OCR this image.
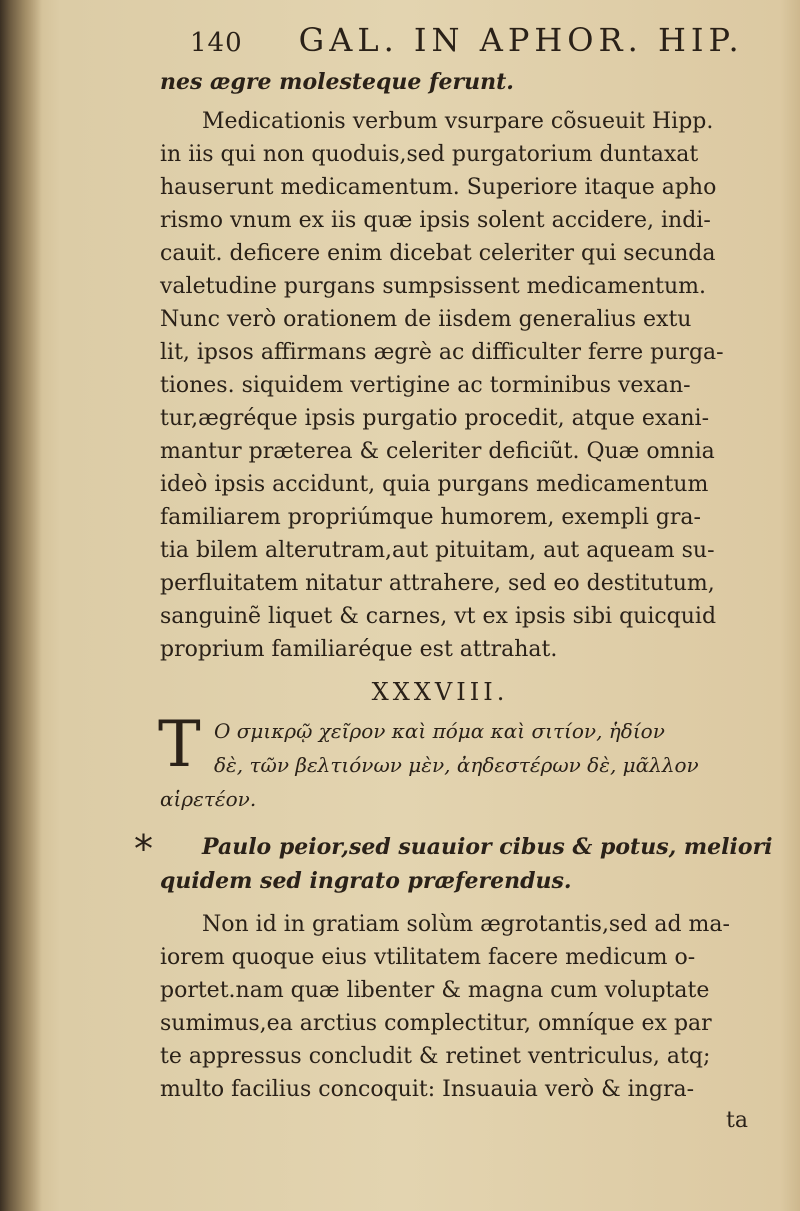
140 GAL. IN APHOR. HIP.
nes ægre molesteque ferunt.
Medicationis verbum vsurpare cõsueuit Hipp.
in iis qui non quoduis,sed purgatorium duntaxat
hauserunt medicamentum. Superiore itaque apho
rismo vnum ex iis quæ ipsis solent accidere, indi-
cauit. deficere enim dicebat celeriter qui secunda
valetudine purgans sumpsissent medicamentum.
Nunc verò orationem de iisdem generalius extu
lit, ipsos affirmans ægrè ac difficulter ferre purga-
tiones. siquidem vertigine ac torminibus vexan-
tur,ægréque ipsis purgatio procedit, atque exani-
mantur præterea & celeriter deficiũt. Quæ omnia
ideò ipsis accidunt, quia purgans medicamentum
familiarem propriúmque humorem, exempli gra-
tia bilem alterutram,aut pituitam, aut aqueam su-
perfluitatem nitatur attrahere, sed eo destitutum,
sanguinẽ liquet & carnes, vt ex ipsis sibi quicquid
proprium familiaréque est attrahat.
XXXVIII.
T O σμικρῷ χεῖρον καὶ πόμα καὶ σιτίον, ἡδίον
δὲ, τῶν βελτιόνων μὲν, ἀηδεστέρων δὲ, μᾶλλον
αἱρετέον.
*	Paulo peior,sed suauior cibus & potus, meliori
quidem sed ingrato præferendus.
Non id in gratiam solùm ægrotantis,sed ad ma-
iorem quoque eius vtilitatem facere medicum o-
portet.nam quæ libenter & magna cum voluptate
sumimus,ea arctius complectitur, omníque ex par
te appressus concludit & retinet ventriculus, atq;
multo facilius concoquit: Insuauia verò & ingra-
ta
